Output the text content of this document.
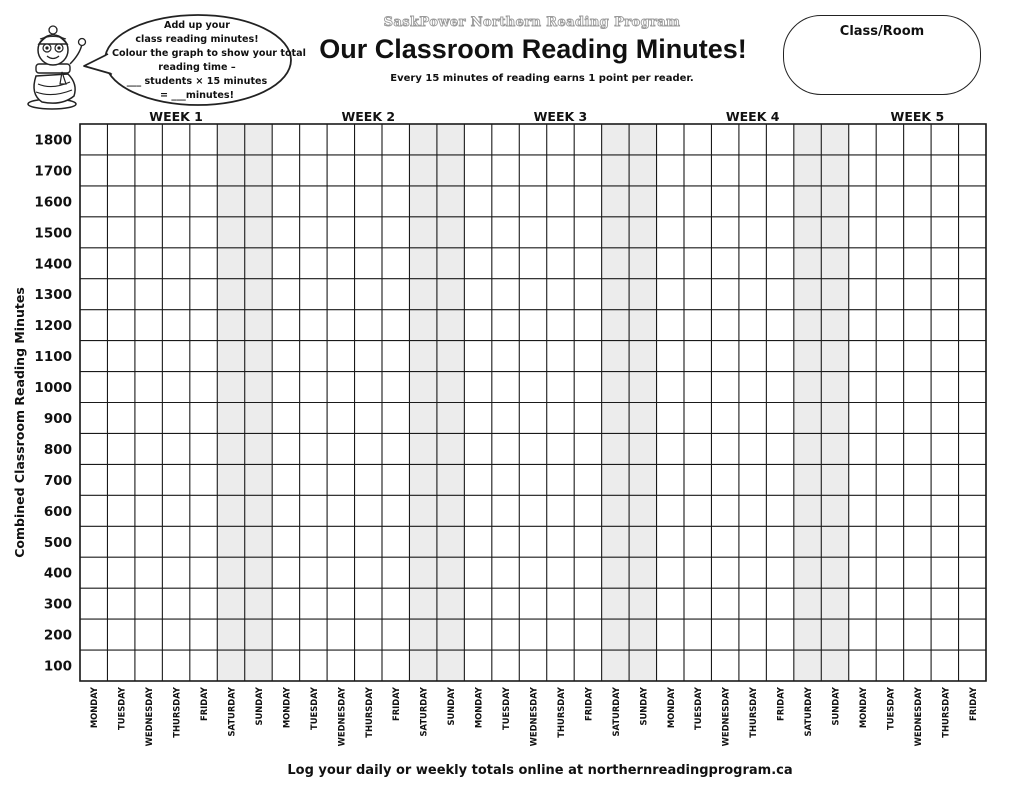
Add up your
class reading minutes!
Colour the graph to show your total
reading time –
___ students × 15 minutes
= ___minutes!
SaskPower Northern Reading Program
Our Classroom Reading Minutes!
Every 15 minutes of reading earns 1 point per reader.
Class/Room
1800
1700
1600
1500
1400
1300
1200
1100
1000
900
800
700
600
500
400
300
200
100
Combined Classroom Reading Minutes
WEEK 1	WEEK 2	WEEK 3	WEEK 4	WEEK 5
MONDAY TUESDAY WEDNESDAY THURSDAY FRIDAY SATURDAY SUNDAY MONDAY TUESDAY WEDNESDAY THURSDAY FRIDAY SATURDAY SUNDAY MONDAY TUESDAY WEDNESDAY THURSDAY FRIDAY SATURDAY SUNDAY MONDAY TUESDAY WEDNESDAY THURSDAY FRIDAY SATURDAY SUNDAY MONDAY TUESDAY WEDNESDAY THURSDAY FRIDAY
Log your daily or weekly totals online at northernreadingprogram.ca
